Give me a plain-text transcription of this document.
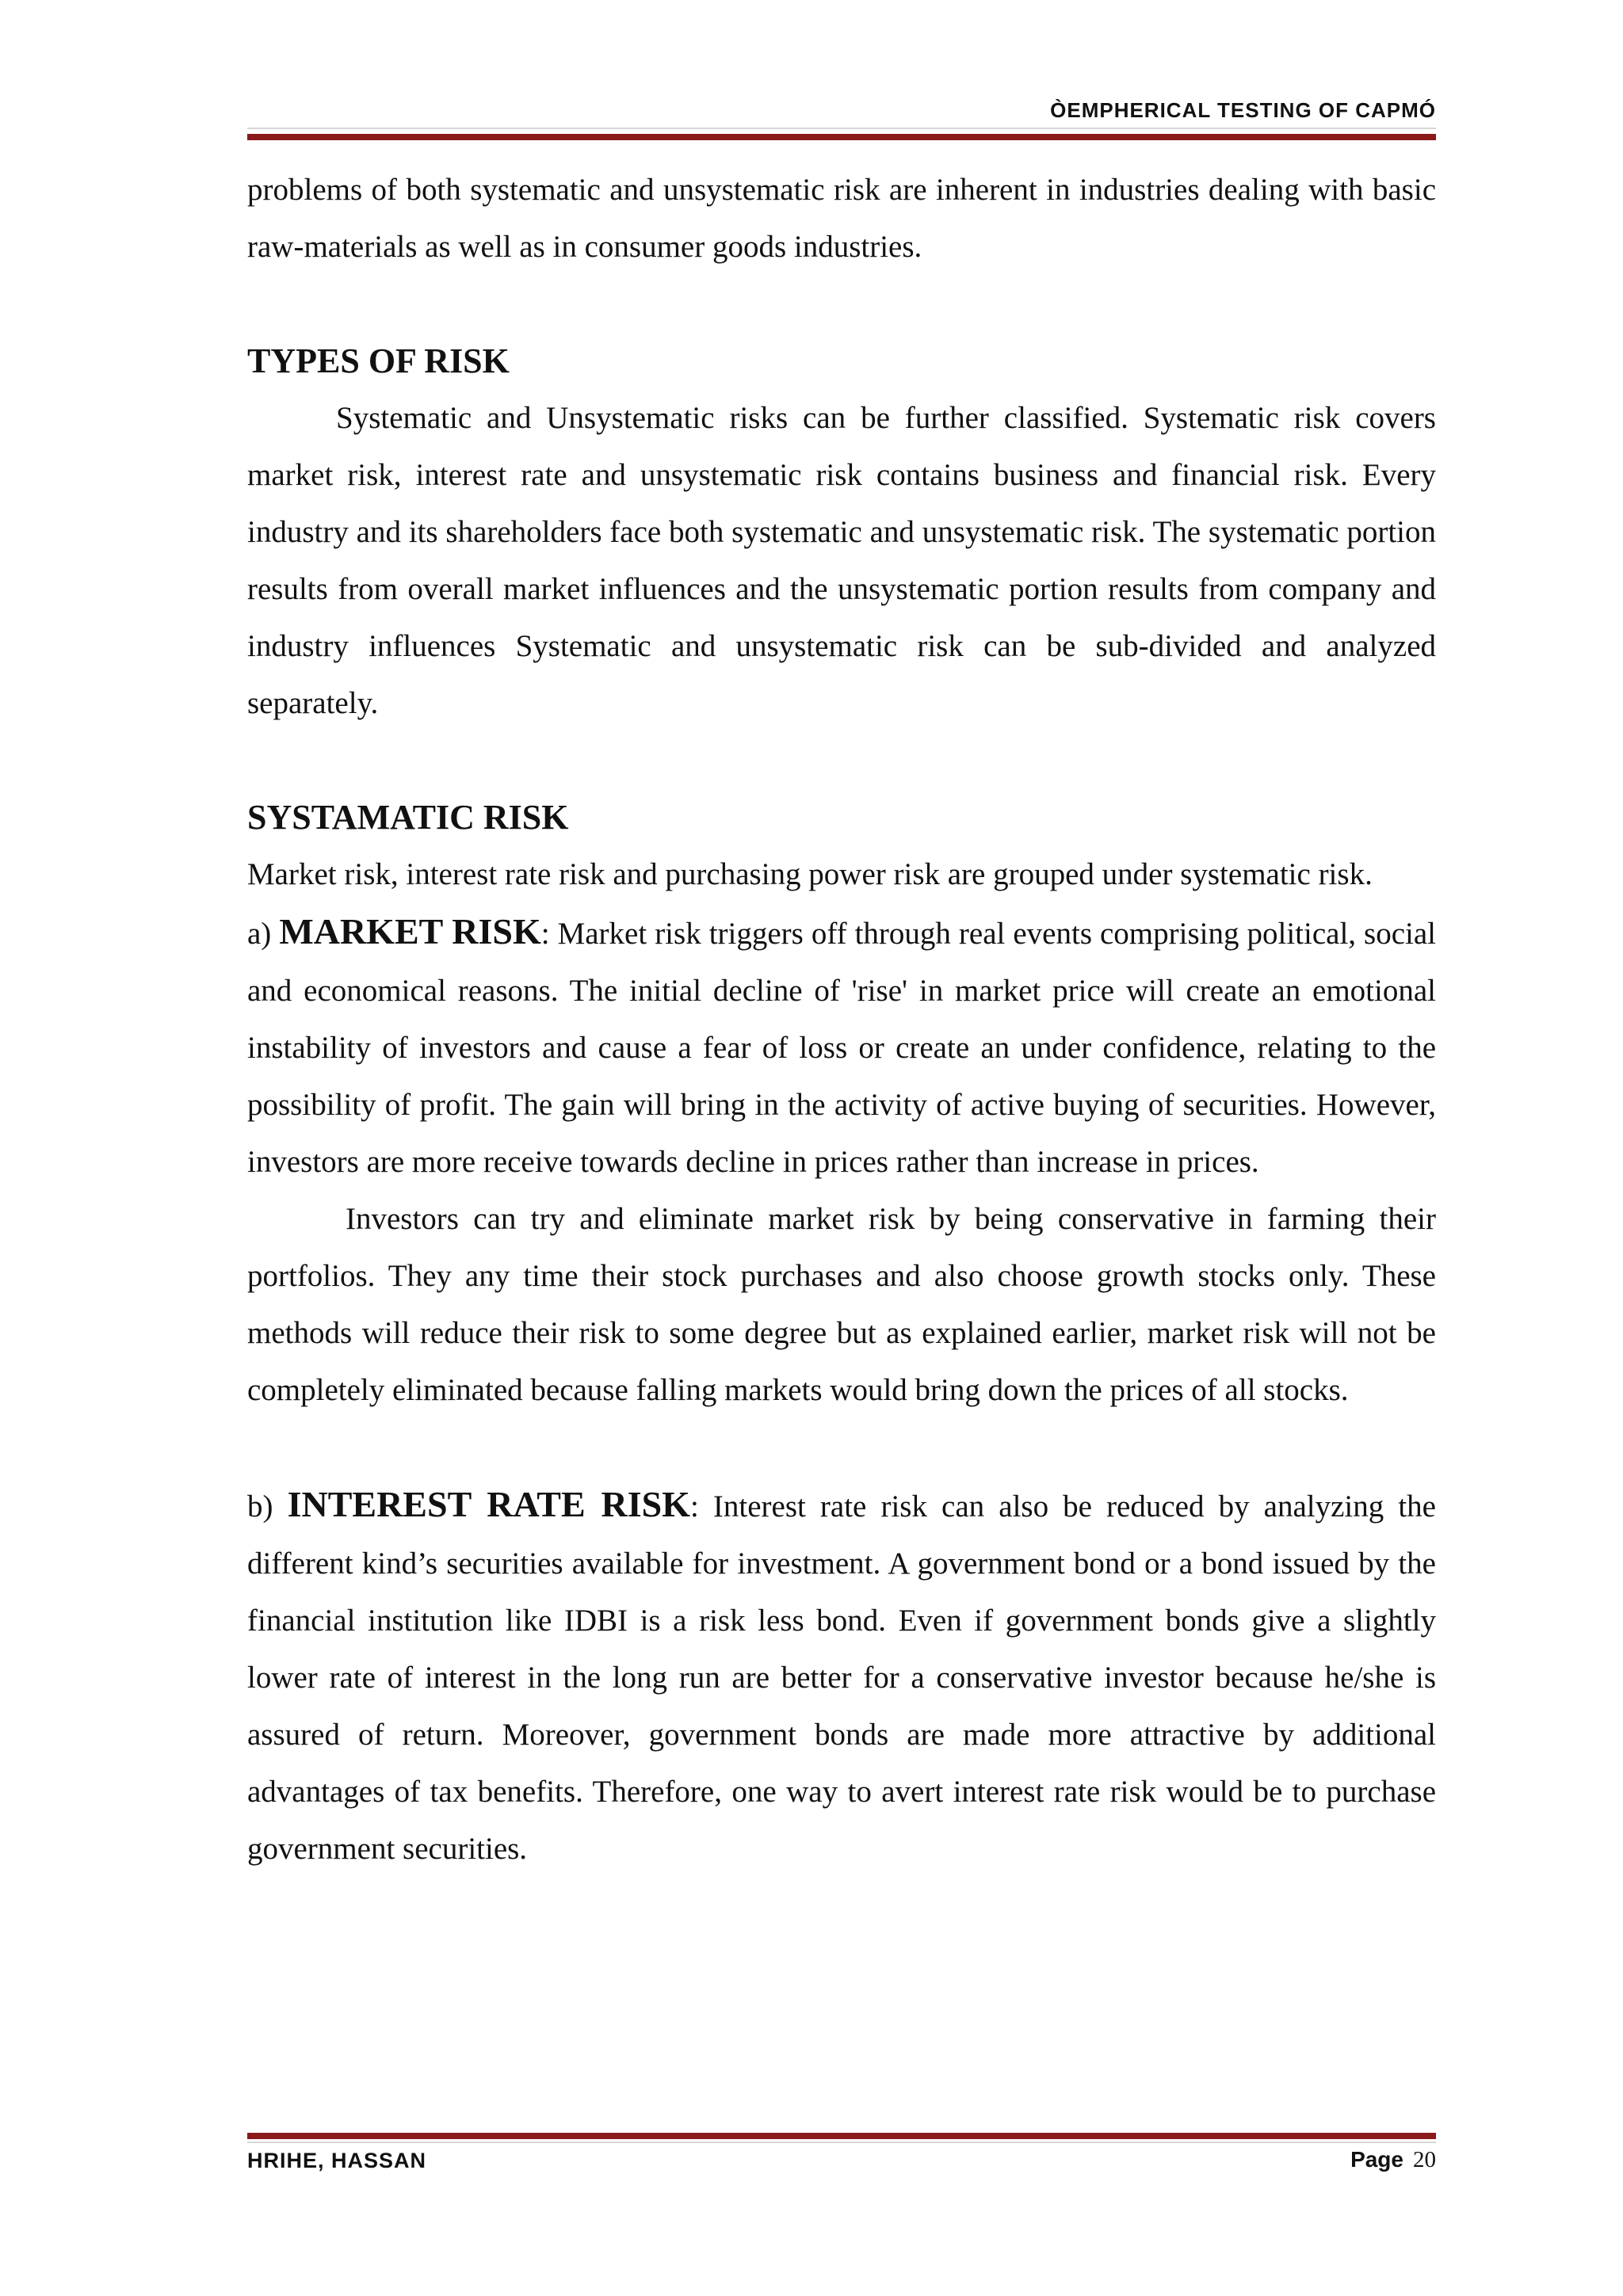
ÒEMPHERICAL TESTING OF CAPMÓ

problems of both systematic and unsystematic risk are inherent in industries dealing with basic raw-materials as well as in consumer goods industries.

TYPES OF RISK

Systematic and Unsystematic risks can be further classified. Systematic risk covers market risk, interest rate and unsystematic risk contains business and financial risk. Every industry and its shareholders face both systematic and unsystematic risk. The systematic portion results from overall market influences and the unsystematic portion results from company and industry influences Systematic and unsystematic risk can be sub-divided and analyzed separately.

SYSTAMATIC RISK

Market risk, interest rate risk and purchasing power risk are grouped under systematic risk.

a) MARKET RISK: Market risk triggers off through real events comprising political, social and economical reasons. The initial decline of 'rise' in market price will create an emotional instability of investors and cause a fear of loss or create an under confidence, relating to the possibility of profit. The gain will bring in the activity of active buying of securities. However, investors are more receive towards decline in prices rather than increase in prices.

Investors can try and eliminate market risk by being conservative in farming their portfolios. They any time their stock purchases and also choose growth stocks only. These methods will reduce their risk to some degree but as explained earlier, market risk will not be completely eliminated because falling markets would bring down the prices of all stocks.

b) INTEREST RATE RISK: Interest rate risk can also be reduced by analyzing the different kind’s securities available for investment. A government bond or a bond issued by the financial institution like IDBI is a risk less bond. Even if government bonds give a slightly lower rate of interest in the long run are better for a conservative investor because he/she is assured of return. Moreover, government bonds are made more attractive by additional advantages of tax benefits. Therefore, one way to avert interest rate risk would be to purchase government securities.

HRIHE, HASSAN	Page 20
